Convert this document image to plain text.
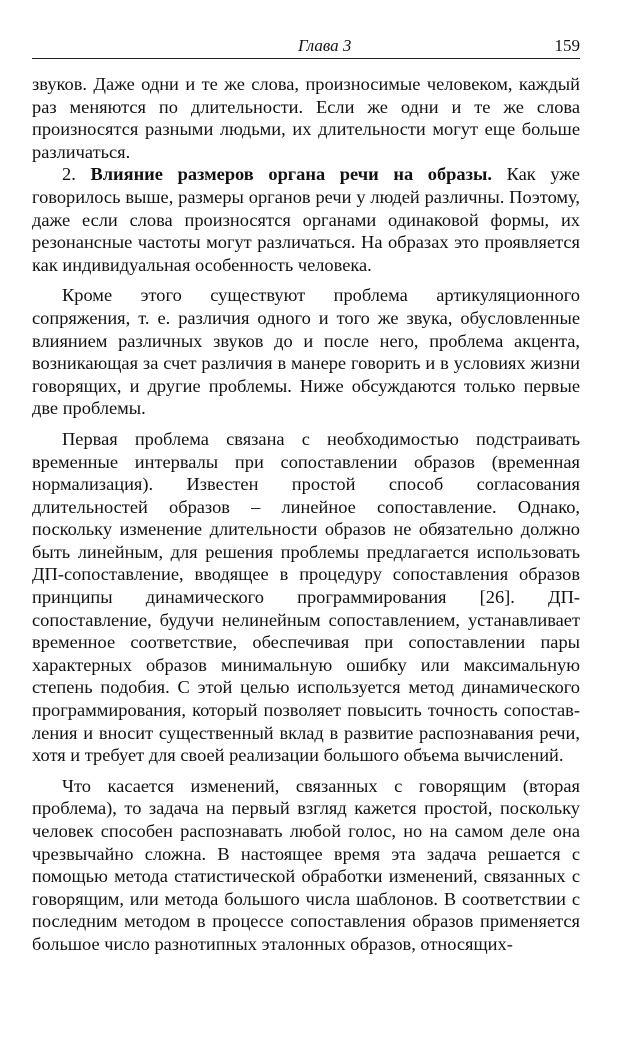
Глава 3	159

звуков. Даже одни и те же слова, произносимые человеком, каждый раз меняются по длительности. Если же одни и те же слова произносятся разными людьми, их длительности могут еще больше различаться.

2. Влияние размеров органа речи на образы. Как уже говорилось выше, размеры органов речи у людей различны. Поэтому, даже если слова произносятся органами одинаковой формы, их резонансные частоты могут различаться. На образах это проявляется как индивидуальная особенность человека.

Кроме этого существуют проблема артикуляционного сопряжения, т. е. различия одного и того же звука, обусловленные влиянием различных звуков до и после него, проблема акцента, возникающая за счет различия в манере говорить и в условиях жизни говорящих, и другие проблемы. Ниже обсуждаются только первые две проблемы.

Первая проблема связана с необходимостью подстраивать временные интервалы при сопоставлении образов (временная нормализация). Известен простой способ согласования длительностей образов – линейное сопоставление. Однако, поскольку изменение длительности образов не обязательно должно быть линейным, для решения проблемы предлагается использовать ДП-сопоставление, вводящее в процедуру сопоставления образов принципы динамического программирования [26]. ДП-сопоставление, будучи нелинейным сопоставлением, устанавливает временное соответствие, обеспечивая при сопоставлении пары характерных образов минимальную ошибку или максимальную степень подобия. С этой целью используется метод динамического программирования, который позволяет повысить точность сопоставления и вносит существенный вклад в развитие распознавания речи, хотя и требует для своей реализации большого объема вычислений.

Что касается изменений, связанных с говорящим (вторая проблема), то задача на первый взгляд кажется простой, поскольку человек способен распознавать любой голос, но на самом деле она чрезвычайно сложна. В настоящее время эта задача решается с помощью метода статистической обработки изменений, связанных с говорящим, или метода большого числа шаблонов. В соответствии с последним методом в процессе сопоставления образов применяется большое число разнотипных эталонных образов, относящих-
